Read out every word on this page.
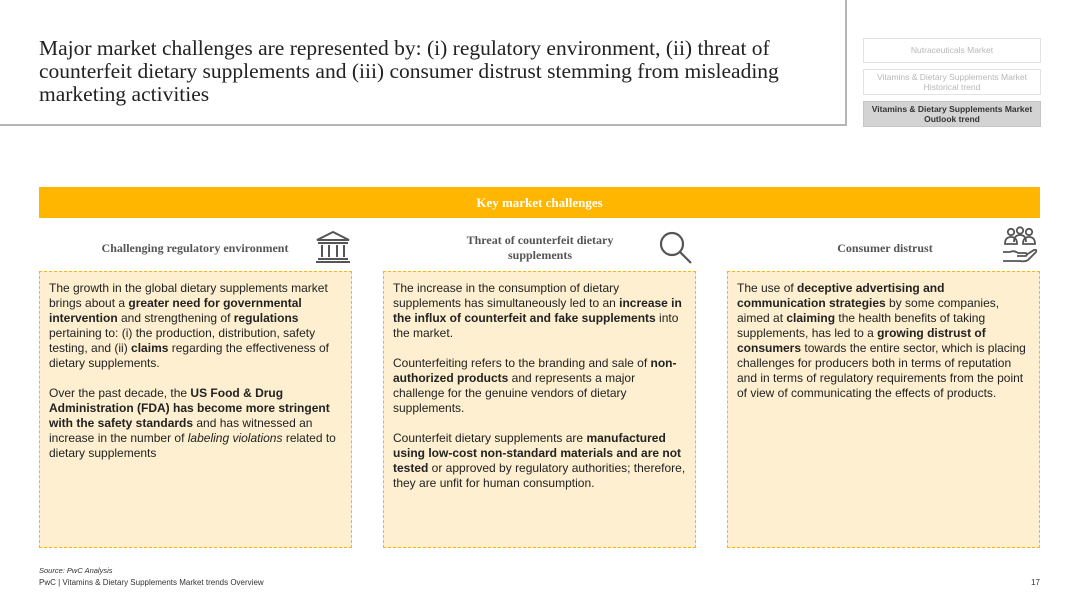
Major market challenges are represented by: (i) regulatory environment, (ii) threat of counterfeit dietary supplements and (iii) consumer distrust stemming from misleading marketing activities
Nutraceuticals Market
Vitamins & Dietary Supplements Market
Historical trend
Vitamins & Dietary Supplements Market
Outlook trend
Key market challenges
Challenging regulatory environment

The growth in the global dietary supplements market brings about a greater need for governmental intervention and strengthening of regulations pertaining to: (i) the production, distribution, safety testing, and (ii) claims regarding the effectiveness of dietary supplements.

Over the past decade, the US Food & Drug Administration (FDA) has become more stringent with the safety standards and has witnessed an increase in the number of labeling violations related to dietary supplements

Threat of counterfeit dietary supplements

The increase in the consumption of dietary supplements has simultaneously led to an increase in the influx of counterfeit and fake supplements into the market.

Counterfeiting refers to the branding and sale of non-authorized products and represents a major challenge for the genuine vendors of dietary supplements.

Counterfeit dietary supplements are manufactured using low-cost non-standard materials and are not tested or approved by regulatory authorities; therefore, they are unfit for human consumption.

Consumer distrust

The use of deceptive advertising and communication strategies by some companies, aimed at claiming the health benefits of taking supplements, has led to a growing distrust of consumers towards the entire sector, which is placing challenges for producers both in terms of reputation and in terms of regulatory requirements from the point of view of communicating the effects of products.

Source: PwC Analysis
PwC | Vitamins & Dietary Supplements Market trends Overview	17
